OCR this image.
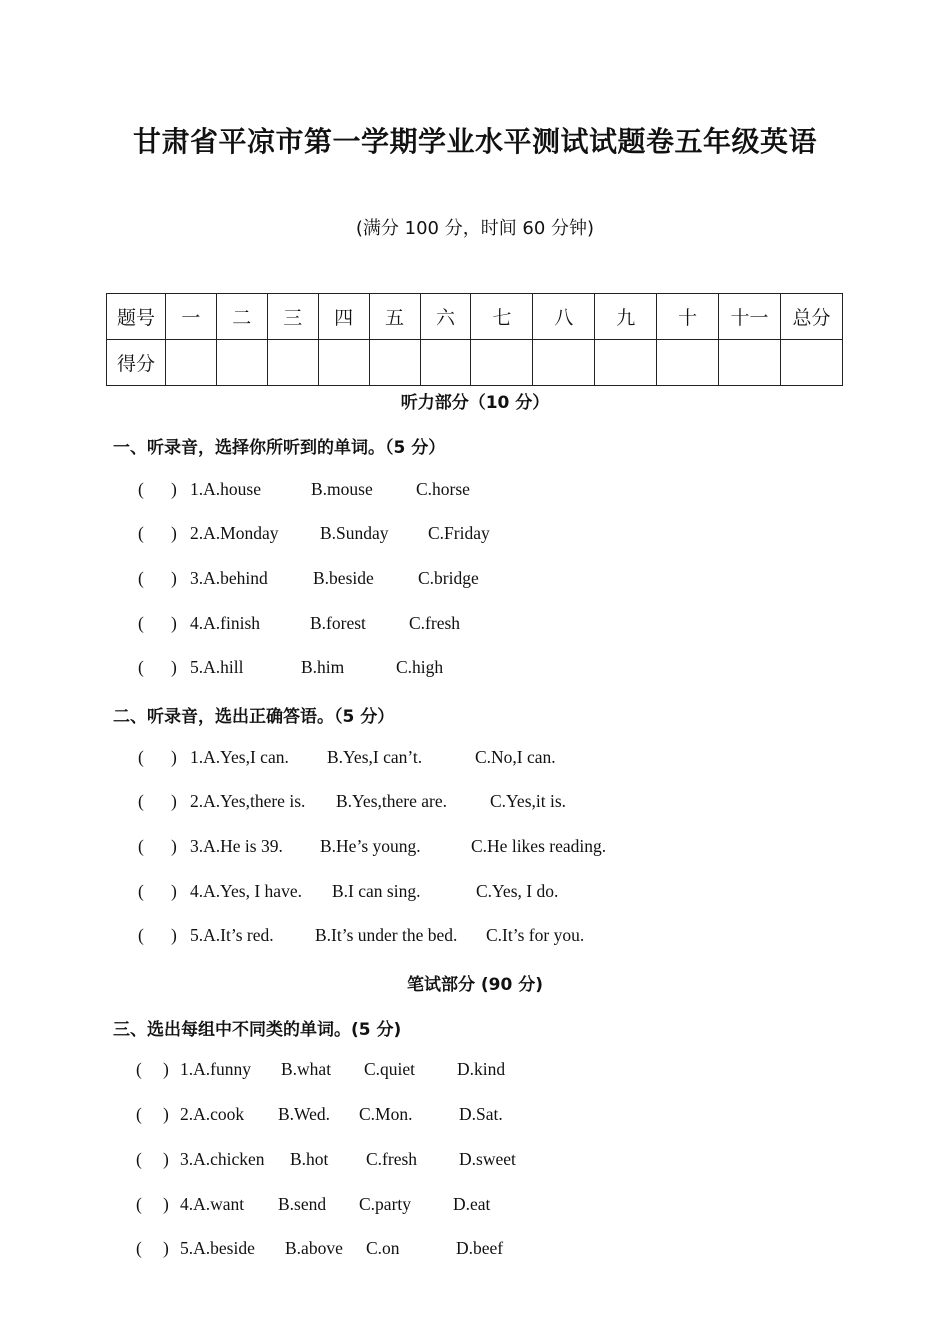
甘肃省平凉市第一学期学业水平测试试题卷五年级英语
(满分 100 分，时间 60 分钟)
题号	一	二	三	四	五	六	七	八	九	十	十一	总分
得分												
听力部分（10 分）
一、听录音，选择你所听到的单词。（5 分）
( ) 1.A.house	B.mouse C.horse
( ) 2.A.Monday B.Sunday C.Friday
( ) 3.A.behind	B.beside	C.bridge
( ) 4.A.finish	B.forest C.fresh
( ) 5.A.hill	B.him	C.high
二、听录音，选出正确答语。（5 分）
( ) 1.A.Yes,I can. B.Yes,I can’t.	C.No,I can.
( ) 2.A.Yes,there is. B.Yes,there are. C.Yes,it is.
( ) 3.A.He is 39. B.He’s young.	C.He likes reading.
( ) 4.A.Yes, I have. B.I can sing.	C.Yes, I do.
( ) 5.A.It’s red. B.It’s under the bed. C.It’s for you.
笔试部分 (90 分)
三、选出每组中不同类的单词。(5 分)
( ) 1.A.funny B.what C.quiet D.kind
( ) 2.A.cook B.Wed. C.Mon.	D.Sat.
( ) 3.A.chicken B.hot C.fresh D.sweet
( ) 4.A.want B.send C.party D.eat
( ) 5.A.beside B.above C.on	D.beef
